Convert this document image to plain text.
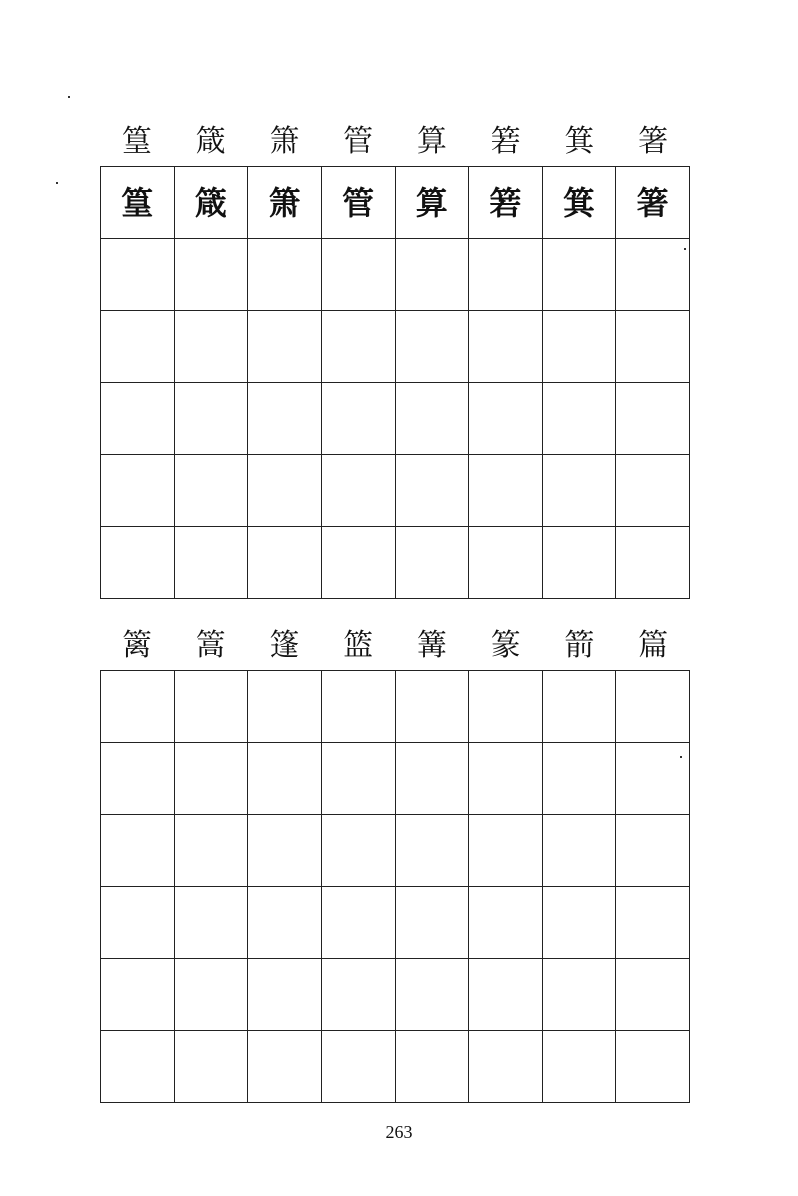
篁	箴	箫	管	算	箬	箕	箸
篁	箴	箫	管	算	箬	箕	箸

篱	篙	篷	篮	篝	篆	箭	篇

263
